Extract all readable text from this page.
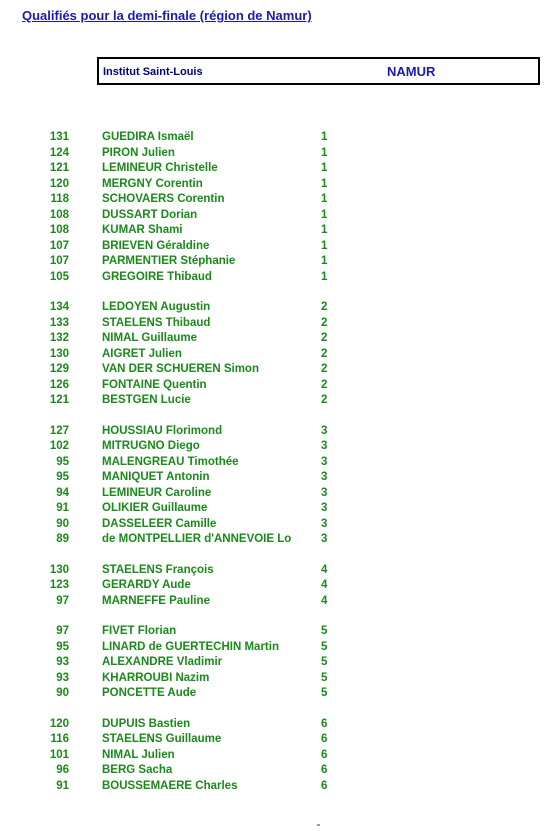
Qualifiés pour la demi-finale (région de Namur)
Institut Saint-Louis	NAMUR
131	GUEDIRA Ismaël	1
124	PIRON Julien	1
121	LEMINEUR Christelle	1
120	MERGNY Corentin	1
118	SCHOVAERS Corentin	1
108	DUSSART Dorian	1
108	KUMAR Shami	1
107	BRIEVEN Géraldine	1
107	PARMENTIER Stéphanie	1
105	GREGOIRE Thibaud	1
134	LEDOYEN Augustin	2
133	STAELENS Thibaud	2
132	NIMAL Guillaume	2
130	AIGRET Julien	2
129	VAN DER SCHUEREN Simon	2
126	FONTAINE Quentin	2
121	BESTGEN Lucie	2
127	HOUSSIAU Florimond	3
102	MITRUGNO Diego	3
95	MALENGREAU Timothée	3
95	MANIQUET Antonin	3
94	LEMINEUR Caroline	3
91	OLIKIER Guillaume	3
90	DASSELEER Camille	3
89	de MONTPELLIER d'ANNEVOIE Lo	3
130	STAELENS François	4
123	GERARDY Aude	4
97	MARNEFFE Pauline	4
97	FIVET Florian	5
95	LINARD de GUERTECHIN Martin	5
93	ALEXANDRE Vladimir	5
93	KHARROUBI Nazim	5
90	PONCETTE Aude	5
120	DUPUIS Bastien	6
116	STAELENS Guillaume	6
101	NIMAL Julien	6
96	BERG Sacha	6
91	BOUSSEMAERE Charles	6
